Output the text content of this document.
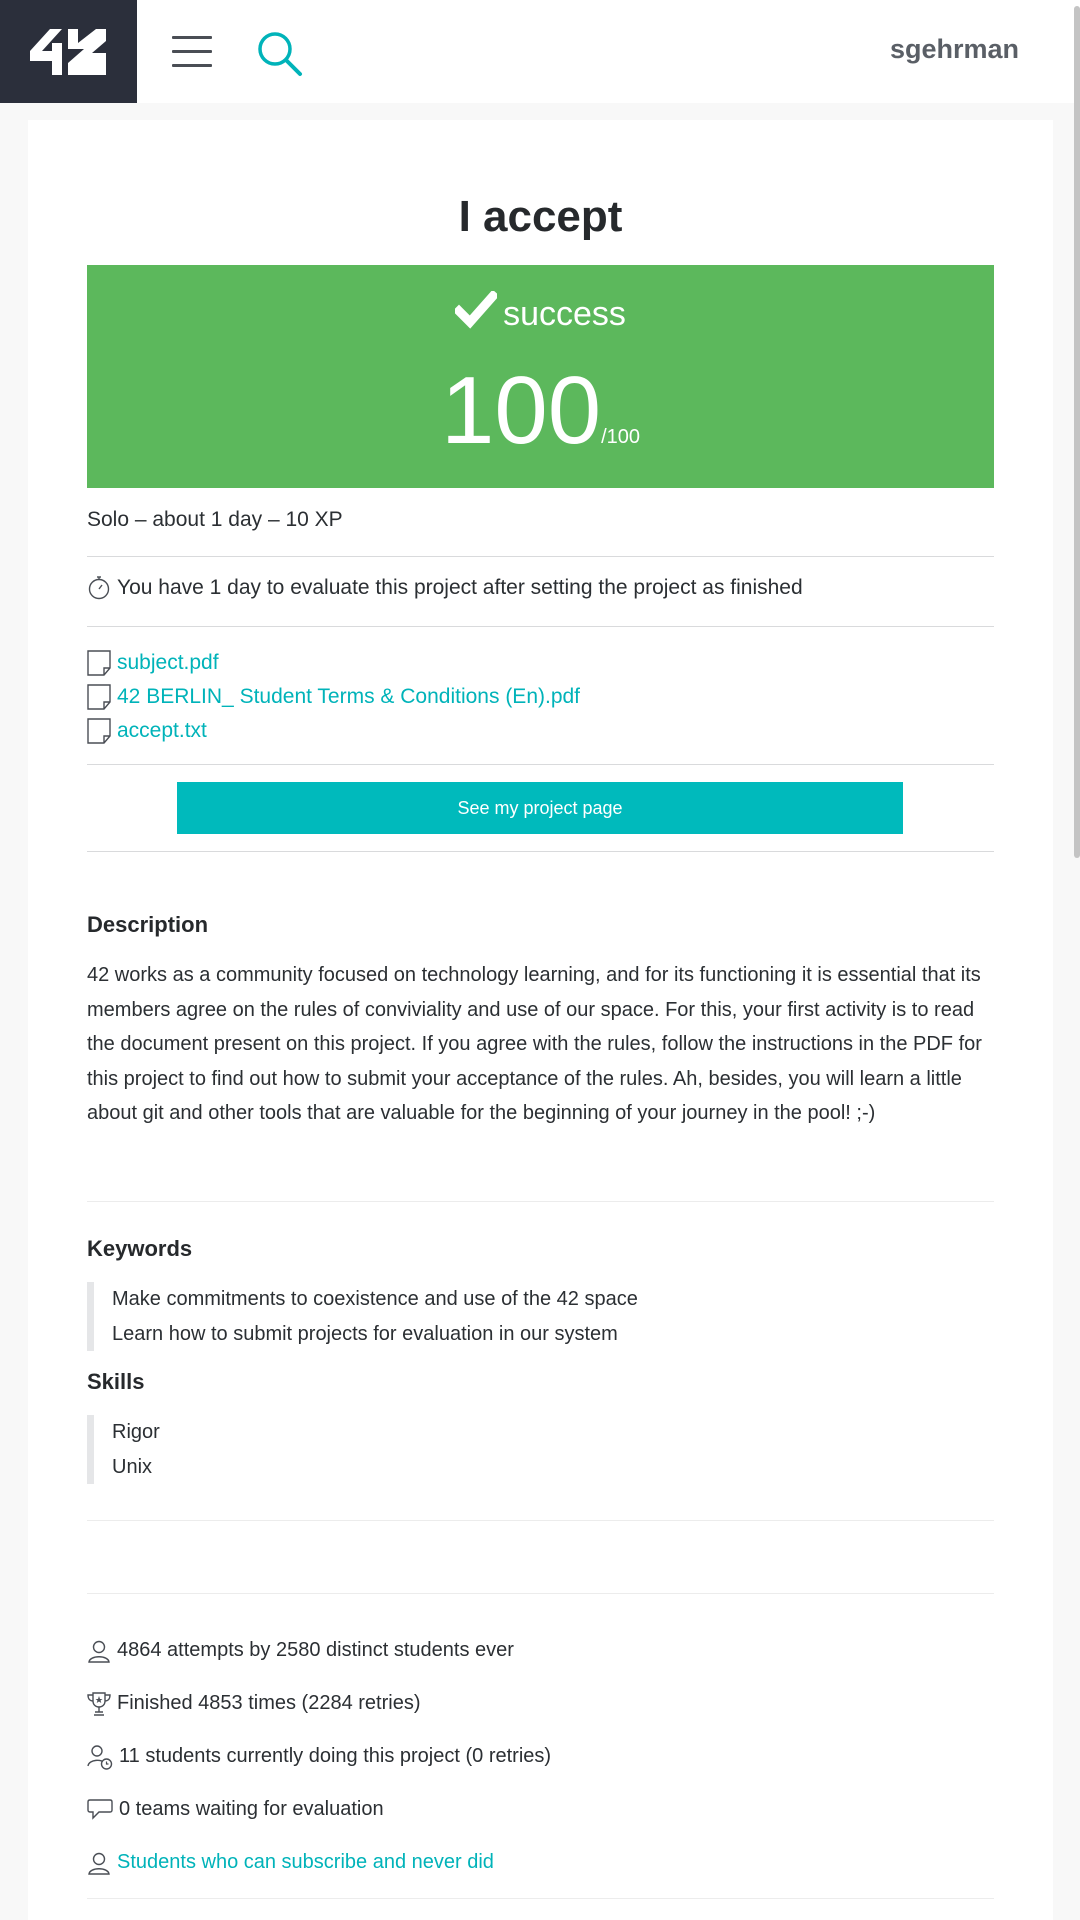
sgehrman
I accept
success
100/100
Solo – about 1 day – 10 XP
You have 1 day to evaluate this project after setting the project as finished
subject.pdf
42 BERLIN_ Student Terms & Conditions (En).pdf
accept.txt
See my project page
Description
42 works as a community focused on technology learning, and for its functioning it is essential that its members agree on the rules of conviviality and use of our space. For this, your first activity is to read the document present on this project. If you agree with the rules, follow the instructions in the PDF for this project to find out how to submit your acceptance of the rules. Ah, besides, you will learn a little about git and other tools that are valuable for the beginning of your journey in the pool! ;-)
Keywords
Make commitments to coexistence and use of the 42 space
Learn how to submit projects for evaluation in our system
Skills
Rigor
Unix
4864 attempts by 2580 distinct students ever
Finished 4853 times (2284 retries)
11 students currently doing this project (0 retries)
0 teams waiting for evaluation
Students who can subscribe and never did
